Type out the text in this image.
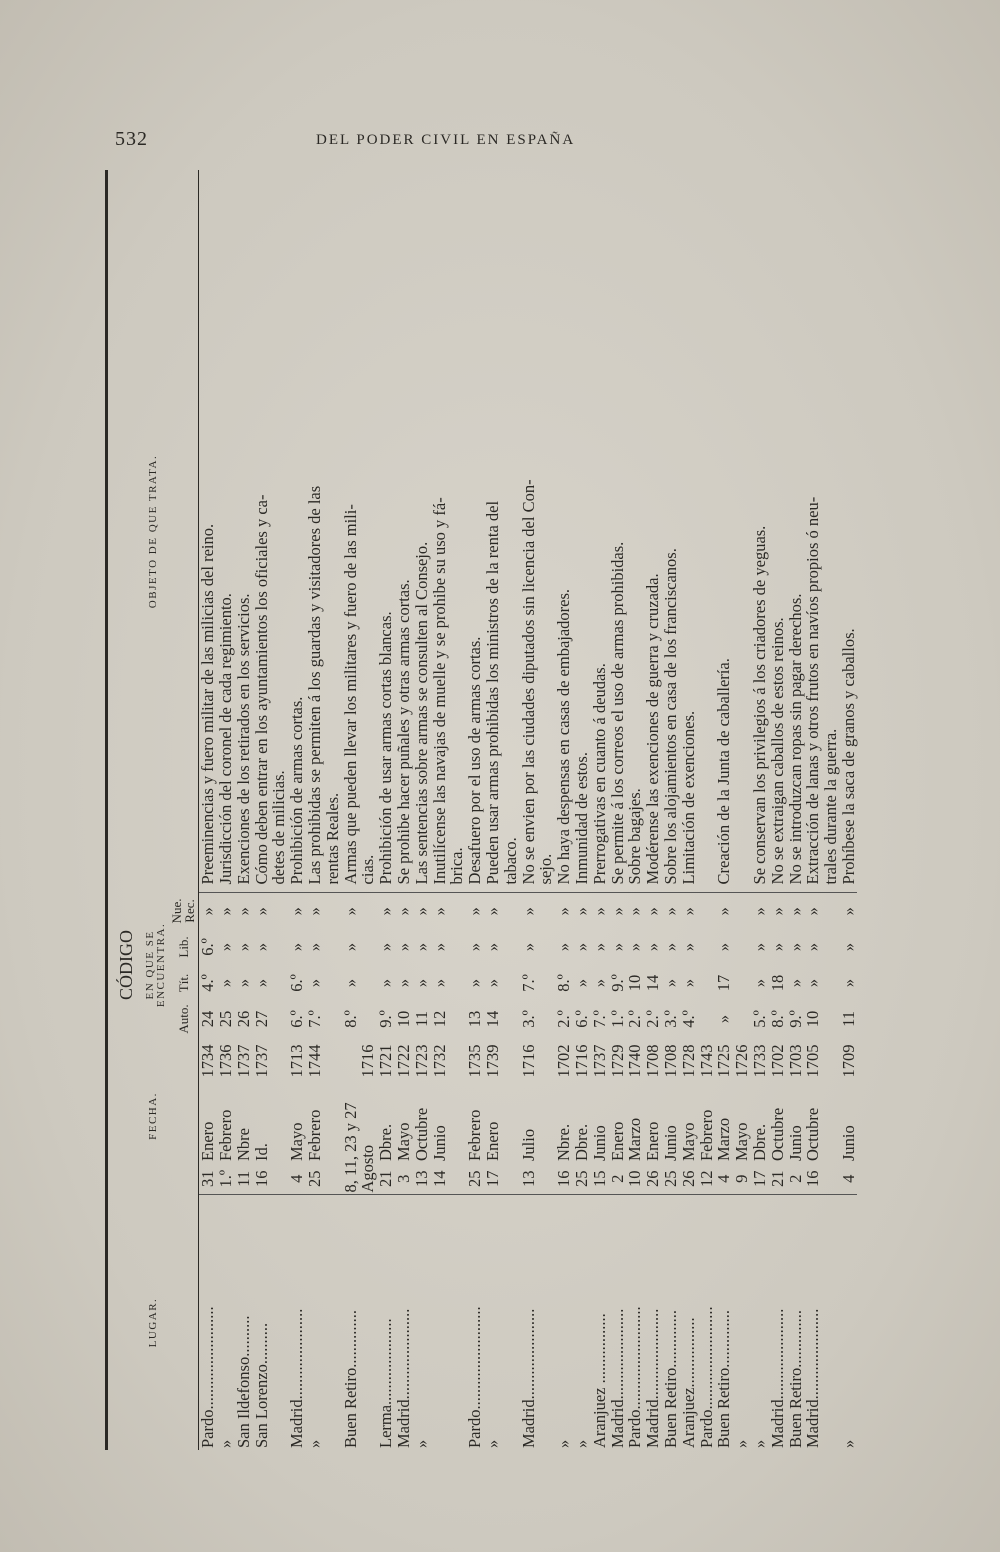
532	DEL PODER CIVIL EN ESPAÑA
LUGAR.	FECHA.			CÓDIGO				OBJETO DE QUE TRATA.
				EN QUE SE ENCUENTRA.				
				Auto.	Tít.	Lib.	Nue. Rec.	
Pardo.........................	31	Enero	1734	24	4.º	6.º	»	Preeminencias y fuero militar de las milicias del reino.
»	1.º	Febrero	1736	25	»	»	»	Jurisdicción del coronel de cada regimiento.
San Ildefonso..........	11	Nbre	1737	26	»	»	»	Exenciones de los retirados en los servicios.
San Lorenzo..........	16	Id.	1737	27	»	»	»	Cómo deben entrar en los ayuntamientos los oficiales y ca-
								detes de milicias.
Madrid......................	4	Mayo	1713	6.º	6.º	»	»	Prohibición de armas cortas.
»	25	Febrero	1744	7.º	»	»	»	Las prohibidas se permiten á los guardas y visitadores de las
								rentas Reales.
Buen Retiro..............	8, 11, 23 y 27			8.º	»	»	»	Armas que pueden llevar los militares y fuero de las mili-
	Agosto		1716					cias.
Lerma.....................	21	Dbre.	1721	9.º	»	»	»	Prohibición de usar armas cortas blancas.
Madrid......................	3	Mayo	1722	10	»	»	»	Se prohibe hacer puñales y otras armas cortas.
»	13	Octubre	1723	11	»	»	»	Las sentencias sobre armas se consulten al Consejo.
	14	Junio	1732	12	»	»	»	Inutilícense las navajas de muelle y se prohibe su uso y fá-
								brica.
Pardo.........................	25	Febrero	1735	13	»	»	»	Desafuero por el uso de armas cortas.
»	17	Enero	1739	14	»	»	»	Pueden usar armas prohibidas los ministros de la renta del
								tabaco.
Madrid......................	13	Julio	1716	3.º	7.º	»	»	No se envien por las ciudades diputados sin licencia del Con-
								sejo.
»	16	Nbre.	1702	2.º	8.º	»	»	No haya despensas en casas de embajadores.
»	25	Dbre.	1716	6.º	»	»	»	Inmunidad de estos.
Aranjuez .................	15	Junio	1737	7.º	»	»	»	Prerrogativas en cuanto á deudas.
Madrid......................	2	Enero	1729	1.º	9.º	»	»	Se permite á los correos el uso de armas prohibidas.
Pardo.........................	10	Marzo	1740	2.º	10	»	»	Sobre bagajes.
Madrid......................	26	Enero	1708	2.º	14	»	»	Modérense las exenciones de guerra y cruzada.
Buen Retiro..............	25	Junio	1708	3.º	»	»	»	Sobre los alojamientos en casa de los franciscanos.
Aranjuez.................	26	Mayo	1728	4.º	»	»	»	Limitación de exenciones.
Pardo.........................	12	Febrero	1743					
Buen Retiro..............	4	Marzo	1725	»	17	»	»	Creación de la Junta de caballería.
»	9	Mayo	1726					
»	17	Dbre.	1733	5.º	»	»	»	Se conservan los privilegios á los criadores de yeguas.
Madrid......................	21	Octubre	1702	8.º	18	»	»	No se extraigan caballos de estos reinos.
Buen Retiro..............	2	Junio	1703	9.º	»	»	»	No se introduzcan ropas sin pagar derechos.
Madrid......................	16	Octubre	1705	10	»	»	»	Extracción de lanas y otros frutos en navíos propios ó neu-
								trales durante la guerra.
»	4	Junio	1709	11	»	»	»	Prohíbese la saca de granos y caballos.
